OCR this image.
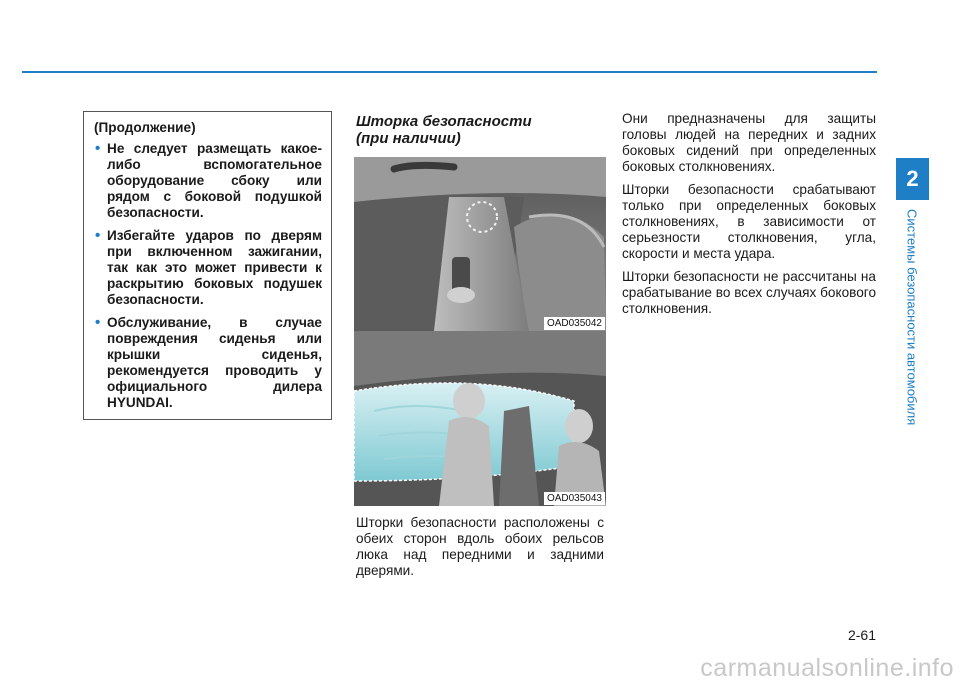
2
Системы безопасности автомобиля

(Продолжение)

• Не следует размещать какое-либо вспомогательное оборудование сбоку или рядом с боковой подушкой безопасности.
• Избегайте ударов по дверям при включенном зажигании, так как это может привести к раскрытию боковых подушек безопасности.
• Обслуживание, в случае повреждения сиденья или крышки сиденья, рекомендуется проводить у официального дилера HYUNDAI.
Шторка безопасности
(при наличии)
OAD035042
OAD035043

Шторки безопасности расположены с обеих сторон вдоль обоих рельсов люка над передними и задними дверями.

Они предназначены для защиты головы людей на передних и задних боковых сидений при определенных боковых столкновениях.

Шторки безопасности срабатывают только при определенных боковых столкновениях, в зависимости от серьезности столкновения, угла, скорости и места удара.

Шторки безопасности не рассчитаны на срабатывание во всех случаях бокового столкновения.

2-61
carmanualsonline.info
